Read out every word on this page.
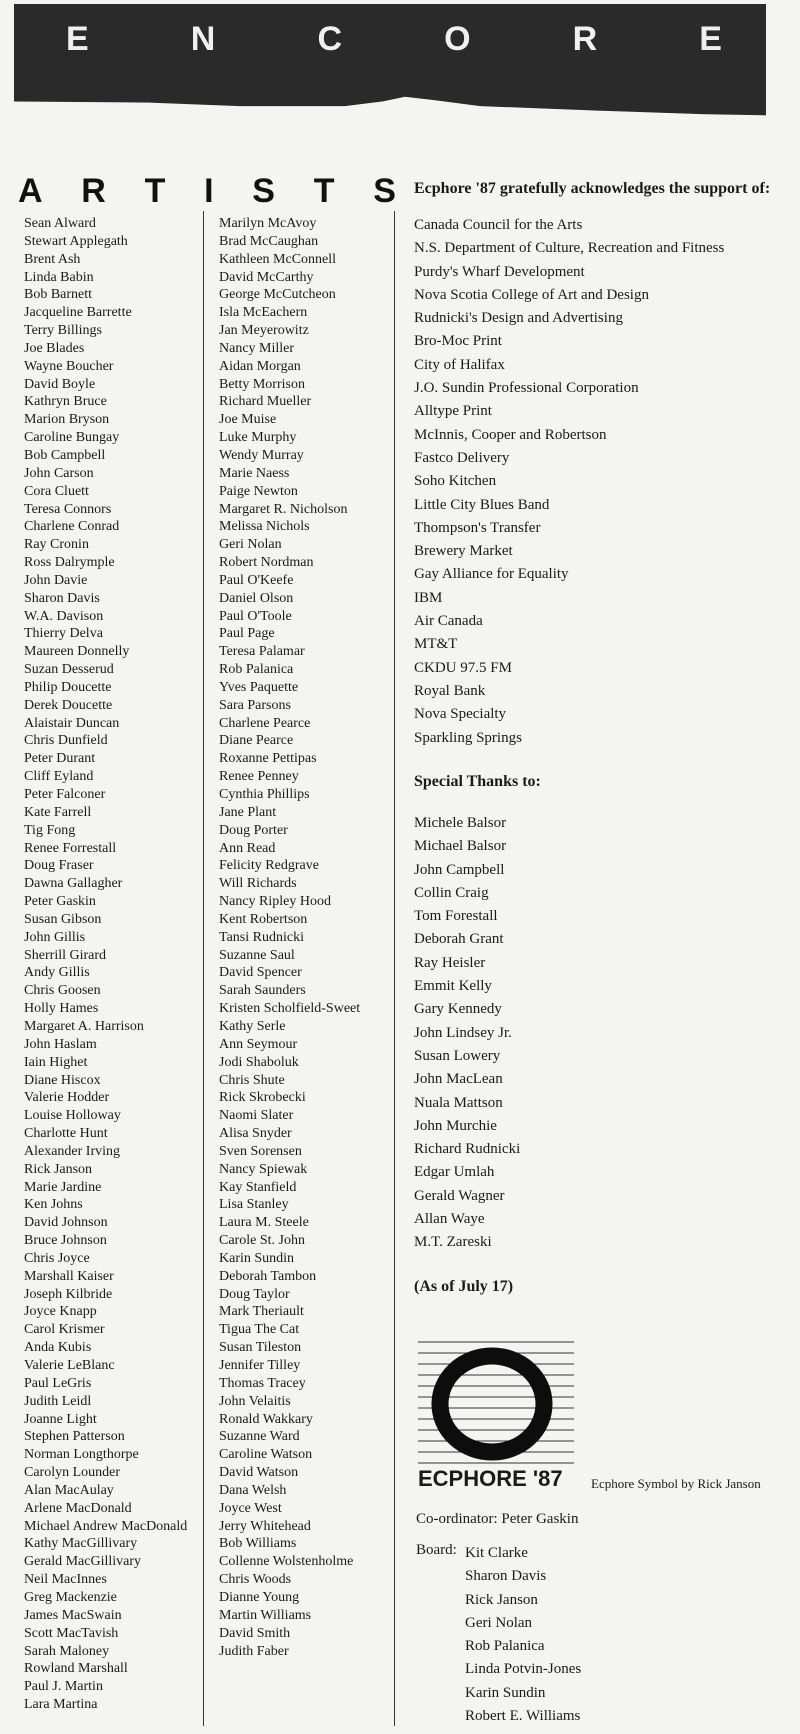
E	N	C	O	R	E
A R T I S T S
Sean Alward
Stewart Applegath
Brent Ash
Linda Babin
Bob Barnett
Jacqueline Barrette
Terry Billings
Joe Blades
Wayne Boucher
David Boyle
Kathryn Bruce
Marion Bryson
Caroline Bungay
Bob Campbell
John Carson
Cora Cluett
Teresa Connors
Charlene Conrad
Ray Cronin
Ross Dalrymple
John Davie
Sharon Davis
W.A. Davison
Thierry Delva
Maureen Donnelly
Suzan Desserud
Philip Doucette
Derek Doucette
Alaistair Duncan
Chris Dunfield
Peter Durant
Cliff Eyland
Peter Falconer
Kate Farrell
Tig Fong
Renee Forrestall
Doug Fraser
Dawna Gallagher
Peter Gaskin
Susan Gibson
John Gillis
Sherrill Girard
Andy Gillis
Chris Goosen
Holly Hames
Margaret A. Harrison
John Haslam
Iain Highet
Diane Hiscox
Valerie Hodder
Louise Holloway
Charlotte Hunt
Alexander Irving
Rick Janson
Marie Jardine
Ken Johns
David Johnson
Bruce Johnson
Chris Joyce
Marshall Kaiser
Joseph Kilbride
Joyce Knapp
Carol Krismer
Anda Kubis
Valerie LeBlanc
Paul LeGris
Judith Leidl
Joanne Light
Stephen Patterson
Norman Longthorpe
Carolyn Lounder
Alan MacAulay
Arlene MacDonald
Michael Andrew MacDonald
Kathy MacGillivary
Gerald MacGillivary
Neil MacInnes
Greg Mackenzie
James MacSwain
Scott MacTavish
Sarah Maloney
Rowland Marshall
Paul J. Martin
Lara Martina
Marilyn McAvoy
Brad McCaughan
Kathleen McConnell
David McCarthy
George McCutcheon
Isla McEachern
Jan Meyerowitz
Nancy Miller
Aidan Morgan
Betty Morrison
Richard Mueller
Joe Muise
Luke Murphy
Wendy Murray
Marie Naess
Paige Newton
Margaret R. Nicholson
Melissa Nichols
Geri Nolan
Robert Nordman
Paul O'Keefe
Daniel Olson
Paul O'Toole
Paul Page
Teresa Palamar
Rob Palanica
Yves Paquette
Sara Parsons
Charlene Pearce
Diane Pearce
Roxanne Pettipas
Renee Penney
Cynthia Phillips
Jane Plant
Doug Porter
Ann Read
Felicity Redgrave
Will Richards
Nancy Ripley Hood
Kent Robertson
Tansi Rudnicki
Suzanne Saul
David Spencer
Sarah Saunders
Kristen Scholfield-Sweet
Kathy Serle
Ann Seymour
Jodi Shaboluk
Chris Shute
Rick Skrobecki
Naomi Slater
Alisa Snyder
Sven Sorensen
Nancy Spiewak
Kay Stanfield
Lisa Stanley
Laura M. Steele
Carole St. John
Karin Sundin
Deborah Tambon
Doug Taylor
Mark Theriault
Tigua The Cat
Susan Tileston
Jennifer Tilley
Thomas Tracey
John Velaitis
Ronald Wakkary
Suzanne Ward
Caroline Watson
David Watson
Dana Welsh
Joyce West
Jerry Whitehead
Bob Williams
Collenne Wolstenholme
Chris Woods
Dianne Young
Martin Williams
David Smith
Judith Faber
Ecphore '87 gratefully acknowledges the support of:
Canada Council for the Arts
N.S. Department of Culture, Recreation and Fitness
Purdy's Wharf Development
Nova Scotia College of Art and Design
Rudnicki's Design and Advertising
Bro-Moc Print
City of Halifax
J.O. Sundin Professional Corporation
Alltype Print
McInnis, Cooper and Robertson
Fastco Delivery
Soho Kitchen
Little City Blues Band
Thompson's Transfer
Brewery Market
Gay Alliance for Equality
IBM
Air Canada
MT&T
CKDU 97.5 FM
Royal Bank
Nova Specialty
Sparkling Springs
Special Thanks to:
Michele Balsor
Michael Balsor
John Campbell
Collin Craig
Tom Forestall
Deborah Grant
Ray Heisler
Emmit Kelly
Gary Kennedy
John Lindsey Jr.
Susan Lowery
John MacLean
Nuala Mattson
John Murchie
Richard Rudnicki
Edgar Umlah
Gerald Wagner
Allan Waye
M.T. Zareski
(As of July 17)
ECPHORE '87 Ecphore Symbol by Rick Janson
Co-ordinator: Peter Gaskin
Board: Kit Clarke
Sharon Davis
Rick Janson
Geri Nolan
Rob Palanica
Linda Potvin-Jones
Karin Sundin
Robert E. Williams
